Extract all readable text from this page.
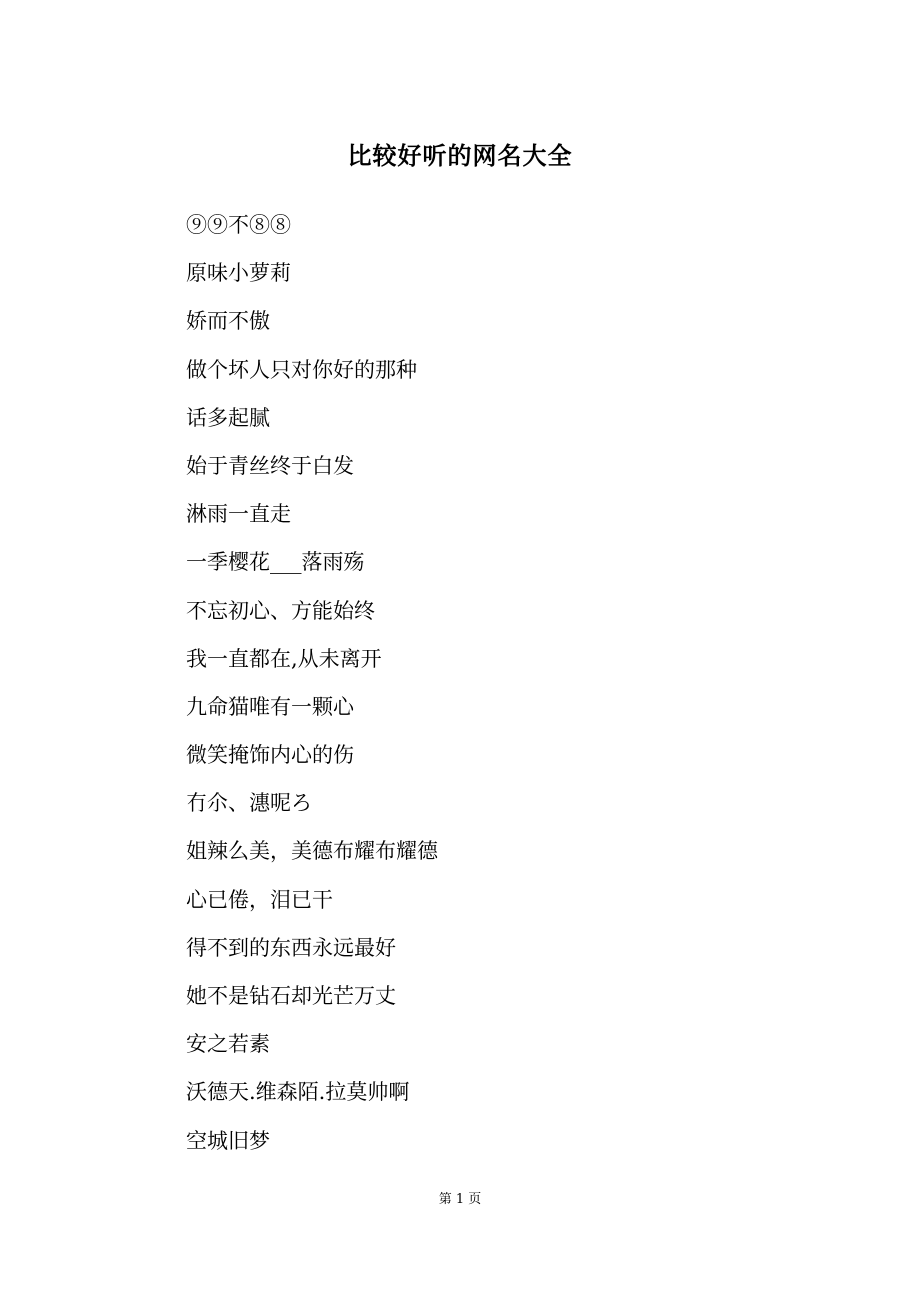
比较好听的网名大全
⑨⑨不⑧⑧
原味小萝莉
娇而不傲
做个坏人只对你好的那种
话多起腻
始于青丝终于白发
淋雨一直走
一季樱花___落雨殇
不忘初心、方能始终
我一直都在,从未离开
九命猫唯有一颗心
微笑掩饰内心的伤
冇尒、潓呢ろ
姐辣么美，美德布耀布耀德
心已倦，泪已干
得不到的东西永远最好
她不是钻石却光芒万丈
安之若素
沃德天.维森陌.拉莫帅啊
空城旧梦
第 1 页
